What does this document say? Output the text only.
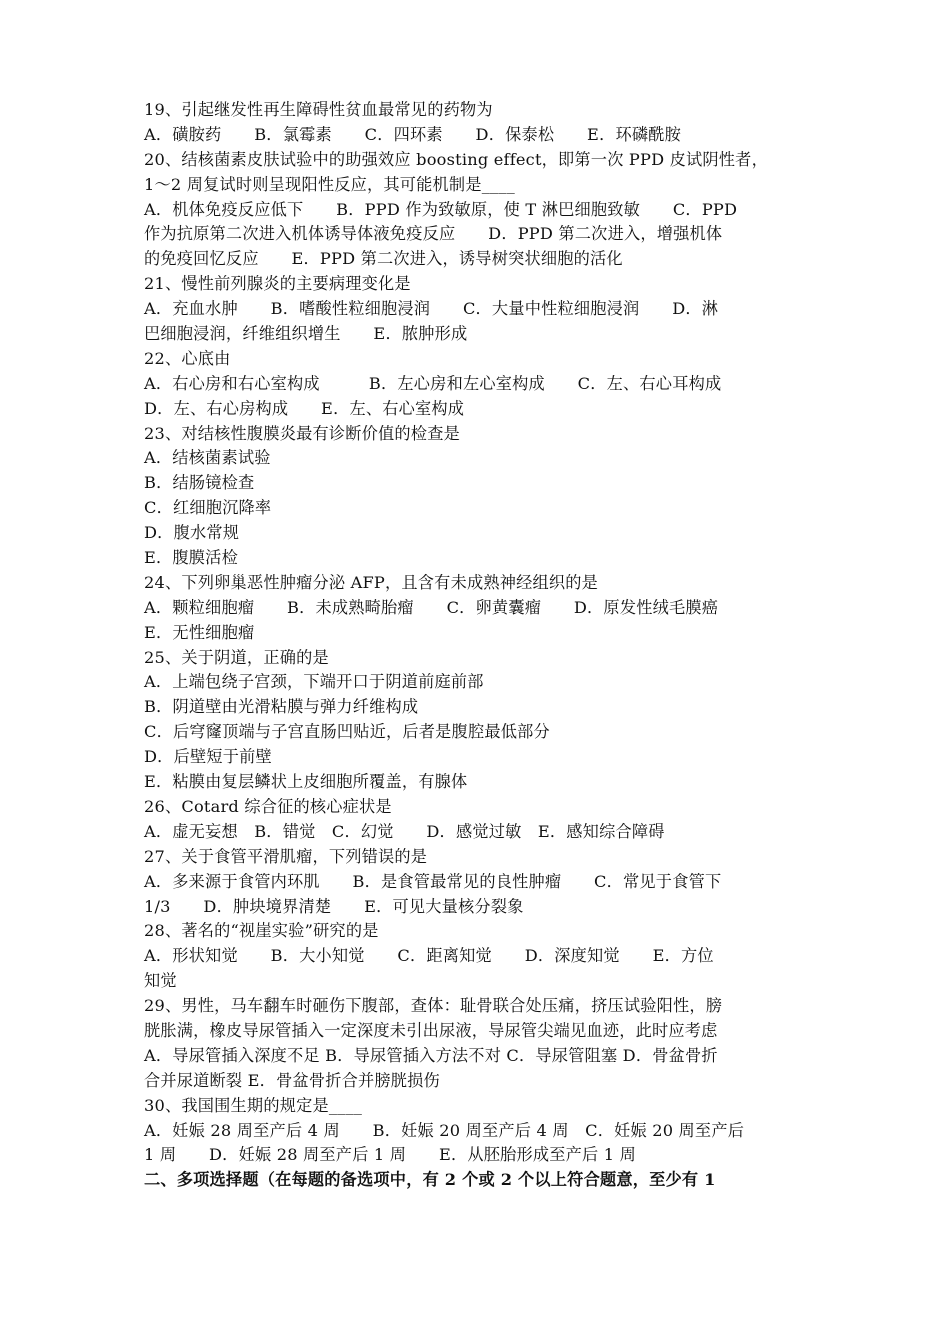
19、引起继发性再生障碍性贫血最常见的药物为
A．磺胺药　　B．氯霉素　　C．四环素　　D．保泰松　　E．环磷酰胺
20、结核菌素皮肤试验中的助强效应 boosting effect，即第一次 PPD 皮试阴性者，
1～2 周复试时则呈现阳性反应，其可能机制是____
A．机体免疫反应低下　　B．PPD 作为致敏原，使 T 淋巴细胞致敏　　C．PPD
作为抗原第二次进入机体诱导体液免疫反应　　D．PPD 第二次进入，增强机体
的免疫回忆反应　　E．PPD 第二次进入，诱导树突状细胞的活化
21、慢性前列腺炎的主要病理变化是
A．充血水肿　　B．嗜酸性粒细胞浸润　　C．大量中性粒细胞浸润　　D．淋
巴细胞浸润，纤维组织增生　　E．脓肿形成
22、心底由
A．右心房和右心室构成　　　B．左心房和左心室构成　　C．左、右心耳构成
D．左、右心房构成　　E．左、右心室构成
23、对结核性腹膜炎最有诊断价值的检查是
A．结核菌素试验
B．结肠镜检查
C．红细胞沉降率
D．腹水常规
E．腹膜活检
24、下列卵巢恶性肿瘤分泌 AFP，且含有未成熟神经组织的是
A．颗粒细胞瘤　　B．未成熟畸胎瘤　　C．卵黄囊瘤　　D．原发性绒毛膜癌
E．无性细胞瘤
25、关于阴道，正确的是
A．上端包绕子宫颈，下端开口于阴道前庭前部
B．阴道壁由光滑粘膜与弹力纤维构成
C．后穹窿顶端与子宫直肠凹贴近，后者是腹腔最低部分
D．后壁短于前壁
E．粘膜由复层鳞状上皮细胞所覆盖，有腺体
26、Cotard 综合征的核心症状是
A．虚无妄想　B．错觉　C．幻觉　　D．感觉过敏　E．感知综合障碍
27、关于食管平滑肌瘤，下列错误的是
A．多来源于食管内环肌　　B．是食管最常见的良性肿瘤　　C．常见于食管下
1/3　　D．肿块境界清楚　　E．可见大量核分裂象
28、著名的“视崖实验”研究的是
A．形状知觉　　B．大小知觉　　C．距离知觉　　D．深度知觉　　E．方位
知觉
29、男性，马车翻车时砸伤下腹部，查体：耻骨联合处压痛，挤压试验阳性，膀
胱胀满，橡皮导尿管插入一定深度未引出尿液，导尿管尖端见血迹，此时应考虑
A．导尿管插入深度不足 B．导尿管插入方法不对 C．导尿管阻塞 D．骨盆骨折
合并尿道断裂 E．骨盆骨折合并膀胱损伤
30、我国围生期的规定是____
A．妊娠 28 周至产后 4 周　　B．妊娠 20 周至产后 4 周　C．妊娠 20 周至产后
1 周　　D．妊娠 28 周至产后 1 周　　E．从胚胎形成至产后 1 周
二、多项选择题（在每题的备选项中，有 2 个或 2 个以上符合题意，至少有 1
